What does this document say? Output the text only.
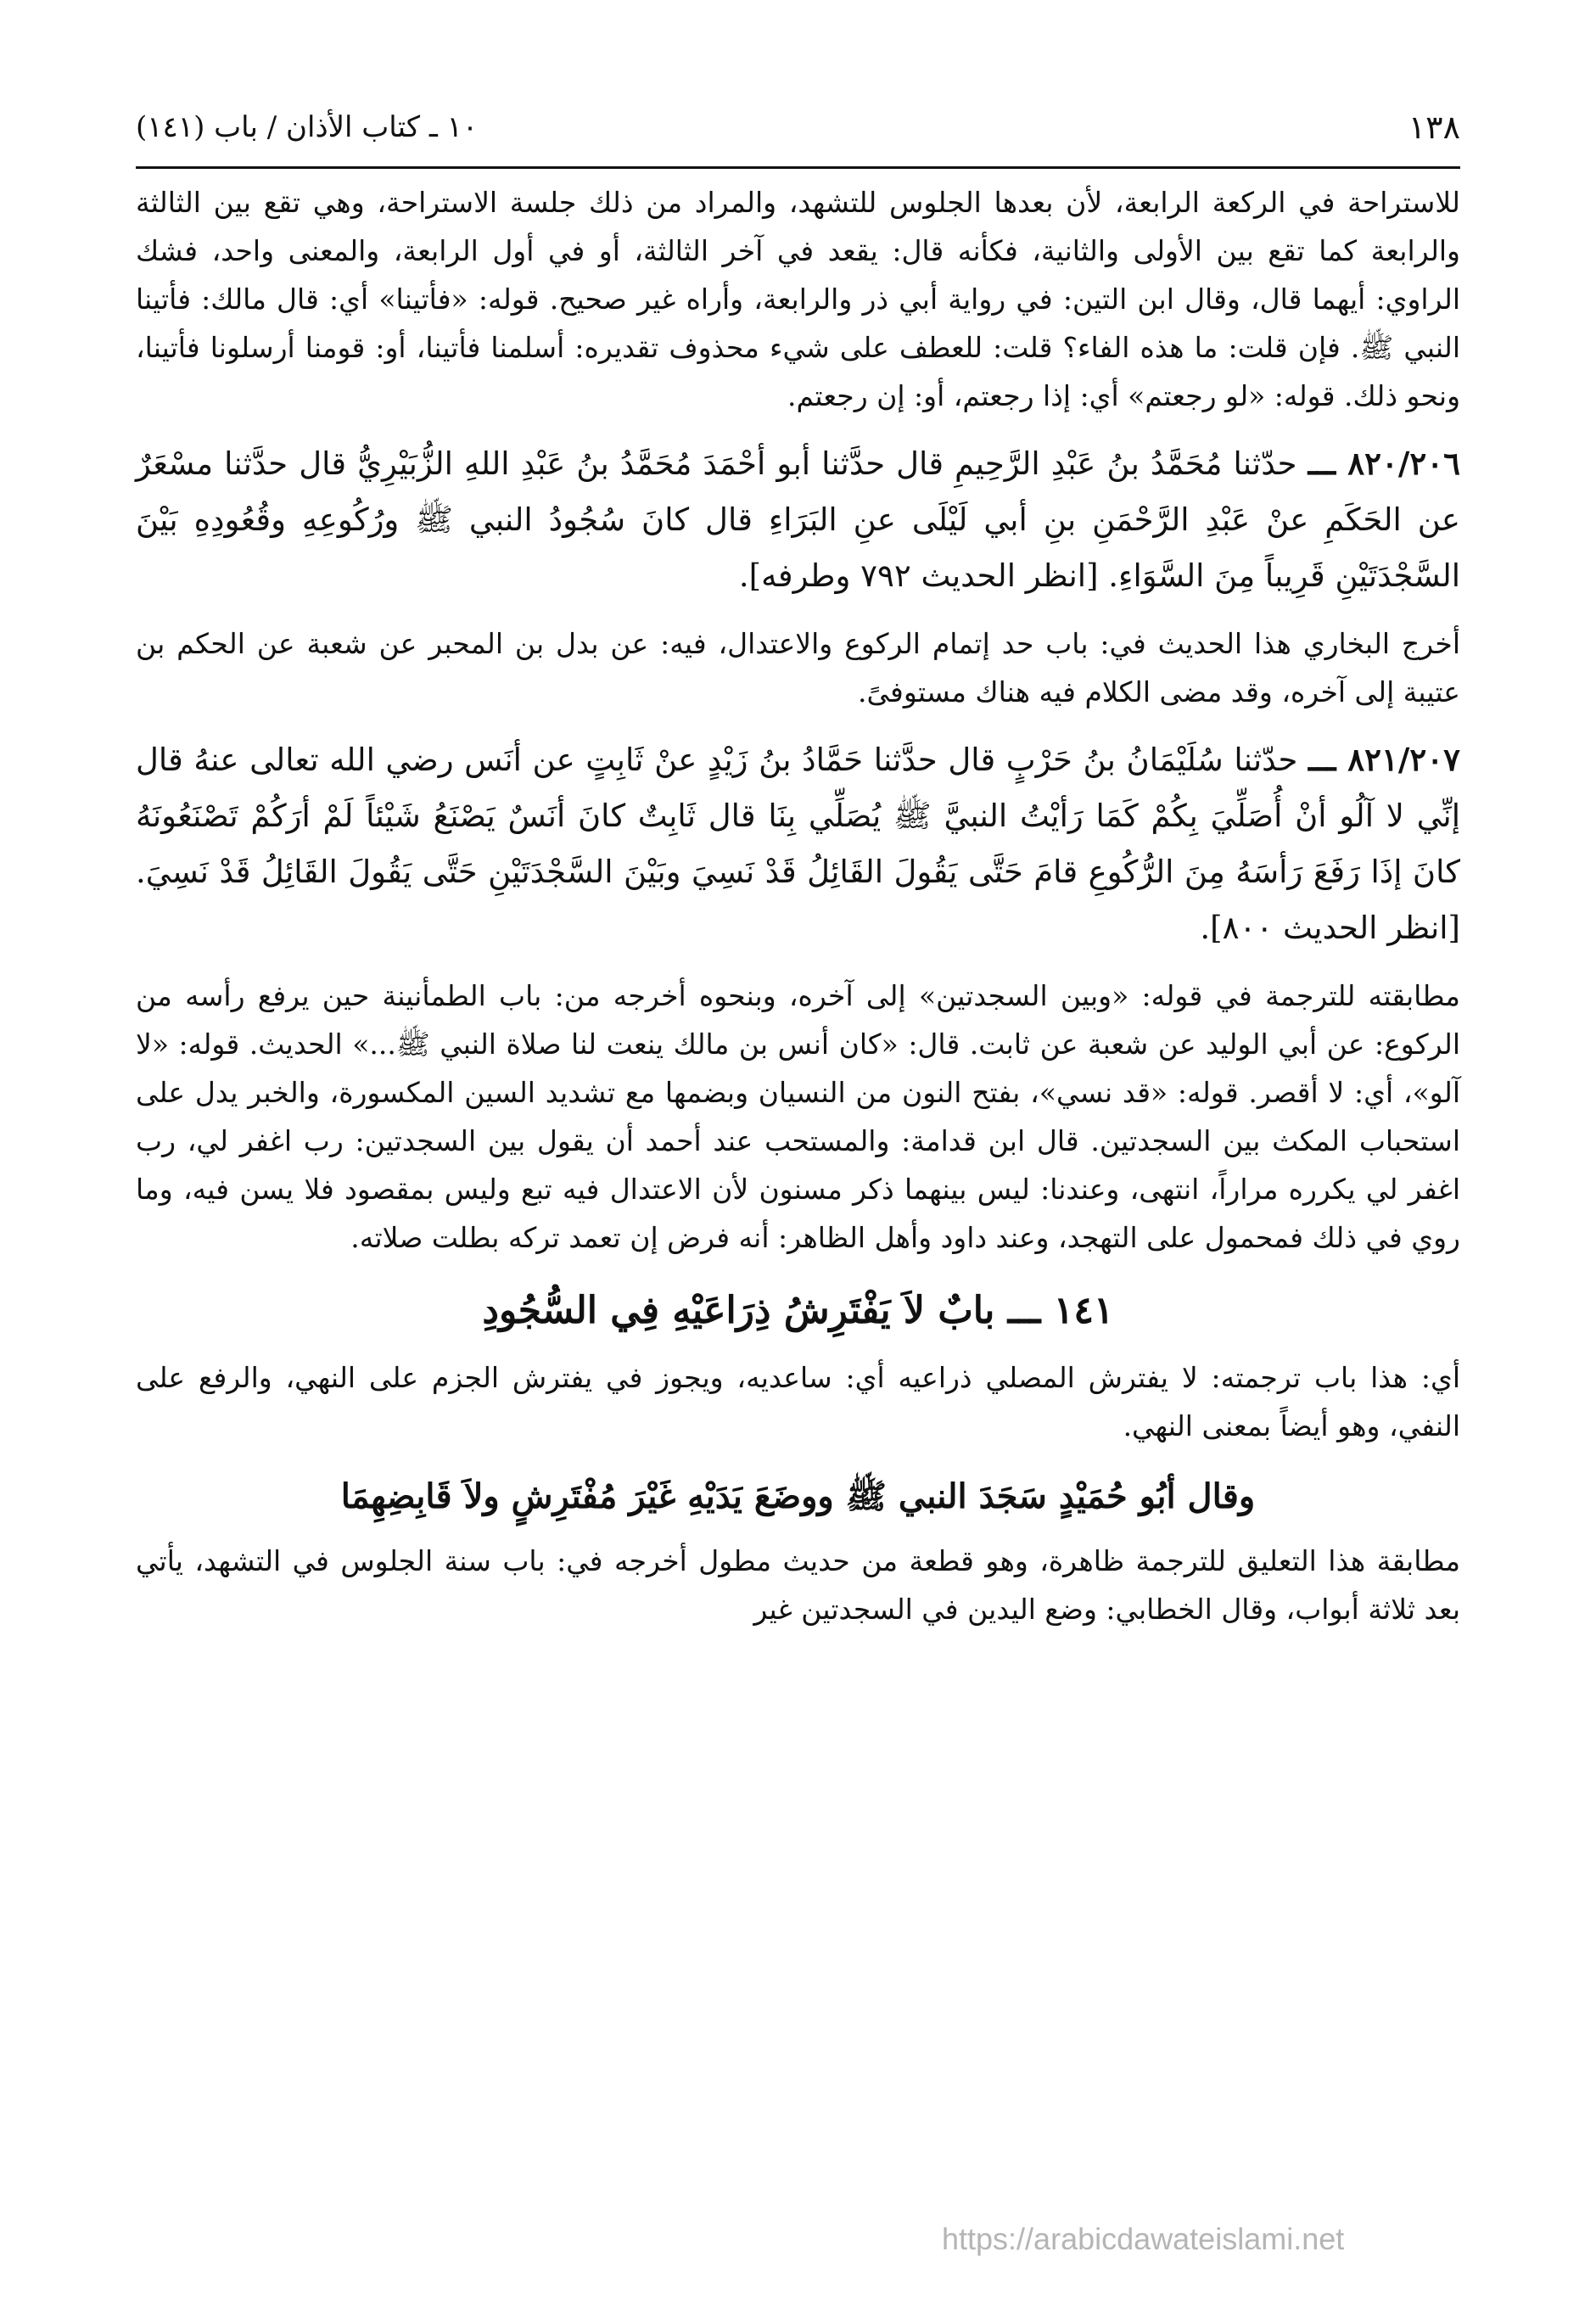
١٣٨
١٠ ـ كتاب الأذان / باب (١٤١)

للاستراحة في الركعة الرابعة، لأن بعدها الجلوس للتشهد، والمراد من ذلك جلسة الاستراحة، وهي تقع بين الثالثة والرابعة كما تقع بين الأولى والثانية، فكأنه قال: يقعد في آخر الثالثة، أو في أول الرابعة، والمعنى واحد، فشك الراوي: أيهما قال، وقال ابن التين: في رواية أبي ذر والرابعة، وأراه غير صحيح. قوله: «فأتينا» أي: قال مالك: فأتينا النبي ﷺ. فإن قلت: ما هذه الفاء؟ قلت: للعطف على شيء محذوف تقديره: أسلمنا فأتينا، أو: قومنا أرسلونا فأتينا، ونحو ذلك. قوله: «لو رجعتم» أي: إذا رجعتم، أو: إن رجعتم.

٨٢٠/٢٠٦ ـــ حدّثنا مُحَمَّدُ بنُ عَبْدِ الرَّحِيمِ قال حدَّثنا أبو أحْمَدَ مُحَمَّدُ بنُ عَبْدِ اللهِ الزُّبَيْرِيُّ قال حدَّثنا مسْعَرٌ عن الحَكَمِ عنْ عَبْدِ الرَّحْمَنِ بنِ أبي لَيْلَى عنِ البَرَاءِ قال كانَ سُجُودُ النبي ﷺ ورُكُوعِهِ وقُعُودِهِ بَيْنَ السَّجْدَتَيْنِ قَرِيباً مِنَ السَّوَاءِ. [انظر الحديث ٧٩٢ وطرفه].

أخرج البخاري هذا الحديث في: باب حد إتمام الركوع والاعتدال، فيه: عن بدل بن المحبر عن شعبة عن الحكم بن عتيبة إلى آخره، وقد مضى الكلام فيه هناك مستوفىً.

٨٢١/٢٠٧ ـــ حدّثنا سُلَيْمَانُ بنُ حَرْبٍ قال حدَّثنا حَمَّادُ بنُ زَيْدٍ عنْ ثَابِتٍ عن أنَس رضي الله تعالى عنهُ قال إنِّي لا آلُو أنْ أُصَلِّيَ بِكُمْ كَمَا رَأيْتُ النبيَّ ﷺ يُصَلِّي بِنَا قال ثَابِتٌ كانَ أنَسٌ يَصْنَعُ شَيْئاً لَمْ أرَكُمْ تَصْنَعُونَهُ كانَ إذَا رَفَعَ رَأسَهُ مِنَ الرُّكُوعِ قامَ حَتَّى يَقُولَ القَائِلُ قَدْ نَسِيَ وبَيْنَ السَّجْدَتَيْنِ حَتَّى يَقُولَ القَائِلُ قَدْ نَسِيَ. [انظر الحديث ٨٠٠].

مطابقته للترجمة في قوله: «وبين السجدتين» إلى آخره، وبنحوه أخرجه من: باب الطمأنينة حين يرفع رأسه من الركوع: عن أبي الوليد عن شعبة عن ثابت. قال: «كان أنس بن مالك ينعت لنا صلاة النبي ﷺ...» الحديث. قوله: «لا آلو»، أي: لا أقصر. قوله: «قد نسي»، بفتح النون من النسيان وبضمها مع تشديد السين المكسورة، والخبر يدل على استحباب المكث بين السجدتين. قال ابن قدامة: والمستحب عند أحمد أن يقول بين السجدتين: رب اغفر لي، رب اغفر لي يكرره مراراً، انتهى، وعندنا: ليس بينهما ذكر مسنون لأن الاعتدال فيه تبع وليس بمقصود فلا يسن فيه، وما روي في ذلك فمحمول على التهجد، وعند داود وأهل الظاهر: أنه فرض إن تعمد تركه بطلت صلاته.

١٤١ ـــ بابٌ لاَ يَفْتَرِشُ ذِرَاعَيْهِ فِي السُّجُودِ

أي: هذا باب ترجمته: لا يفترش المصلي ذراعيه أي: ساعديه، ويجوز في يفترش الجزم على النهي، والرفع على النفي، وهو أيضاً بمعنى النهي.

وقال أبُو حُمَيْدٍ سَجَدَ النبي ﷺ ووضَعَ يَدَيْهِ غَيْرَ مُفْتَرِشٍ ولاَ قَابِضِهِمَا

مطابقة هذا التعليق للترجمة ظاهرة، وهو قطعة من حديث مطول أخرجه في: باب سنة الجلوس في التشهد، يأتي بعد ثلاثة أبواب، وقال الخطابي: وضع اليدين في السجدتين غير

https://arabicdawateislami.net
